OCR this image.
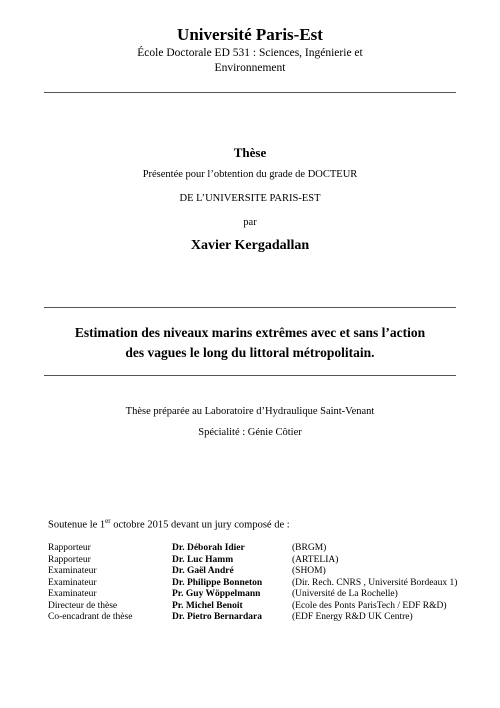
Université Paris-Est
École Doctorale ED 531 : Sciences, Ingénierie et Environnement
Thèse
Présentée pour l’obtention du grade de DOCTEUR
DE L’UNIVERSITE PARIS-EST
par
Xavier Kergadallan
Estimation des niveaux marins extrêmes avec et sans l’action
des vagues le long du littoral métropolitain.
Thèse préparée au Laboratoire d’Hydraulique Saint-Venant
Spécialité : Génie Côtier
Soutenue le 1er octobre 2015 devant un jury composé de :
Rapporteur	Dr. Déborah Idier	(BRGM)
Rapporteur	Dr. Luc Hamm	(ARTELIA)
Examinateur	Dr. Gaël André	(SHOM)
Examinateur	Dr. Philippe Bonneton	(Dir. Rech. CNRS , Université Bordeaux 1)
Examinateur	Pr. Guy Wöppelmann	(Université de La Rochelle)
Directeur de thèse	Pr. Michel Benoit	(Ecole des Ponts ParisTech / EDF R&D)
Co-encadrant de thèse	Dr. Pietro Bernardara	(EDF Energy R&D UK Centre)
